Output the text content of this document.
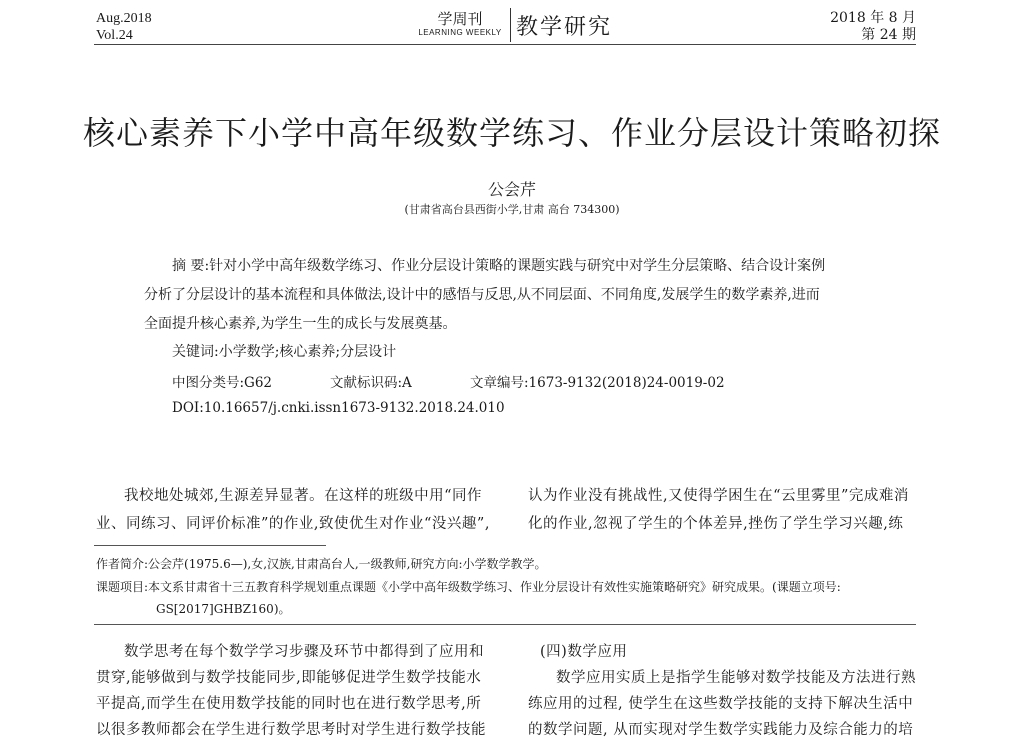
Aug.2018
Vol.24
学周刊
LEARNING WEEKLY 教学研究	2018 年 8 月
第 24 期
核心素养下小学中高年级数学练习、作业分层设计策略初探
公会芹
(甘肃省高台县西街小学,甘肃 高台 734300)
摘 要:针对小学中高年级数学练习、作业分层设计策略的课题实践与研究中对学生分层策略、结合设计案例
分析了分层设计的基本流程和具体做法,设计中的感悟与反思,从不同层面、不同角度,发展学生的数学素养,进而
全面提升核心素养,为学生一生的成长与发展奠基。
关键词:小学数学;核心素养;分层设计
中图分类号:G62	文献标识码:A	文章编号:1673-9132(2018)24-0019-02
DOI:10.16657/j.cnki.issn1673-9132.2018.24.010
我校地处城郊,生源差异显著。在这样的班级中用“同作
业、同练习、同评价标准”的作业,致使优生对作业“没兴趣”,
认为作业没有挑战性,又使得学困生在“云里雾里”完成难消
化的作业,忽视了学生的个体差异,挫伤了学生学习兴趣,练
作者简介:公会芹(1975.6—),女,汉族,甘肃高台人,一级教师,研究方向:小学数学教学。
课题项目:本文系甘肃省十三五教育科学规划重点课题《小学中高年级数学练习、作业分层设计有效性实施策略研究》研究成果。(课题立项号:
GS[2017]GHBZ160)。
数学思考在每个数学学习步骤及环节中都得到了应用和
贯穿,能够做到与数学技能同步,即能够促进学生数学技能水
平提高,而学生在使用数学技能的同时也在进行数学思考,所
以很多教师都会在学生进行数学思考时对学生进行数学技能
(四)数学应用
数学应用实质上是指学生能够对数学技能及方法进行熟
练应用的过程, 使学生在这些数学技能的支持下解决生活中
的数学问题, 从而实现对学生数学实践能力及综合能力的培
